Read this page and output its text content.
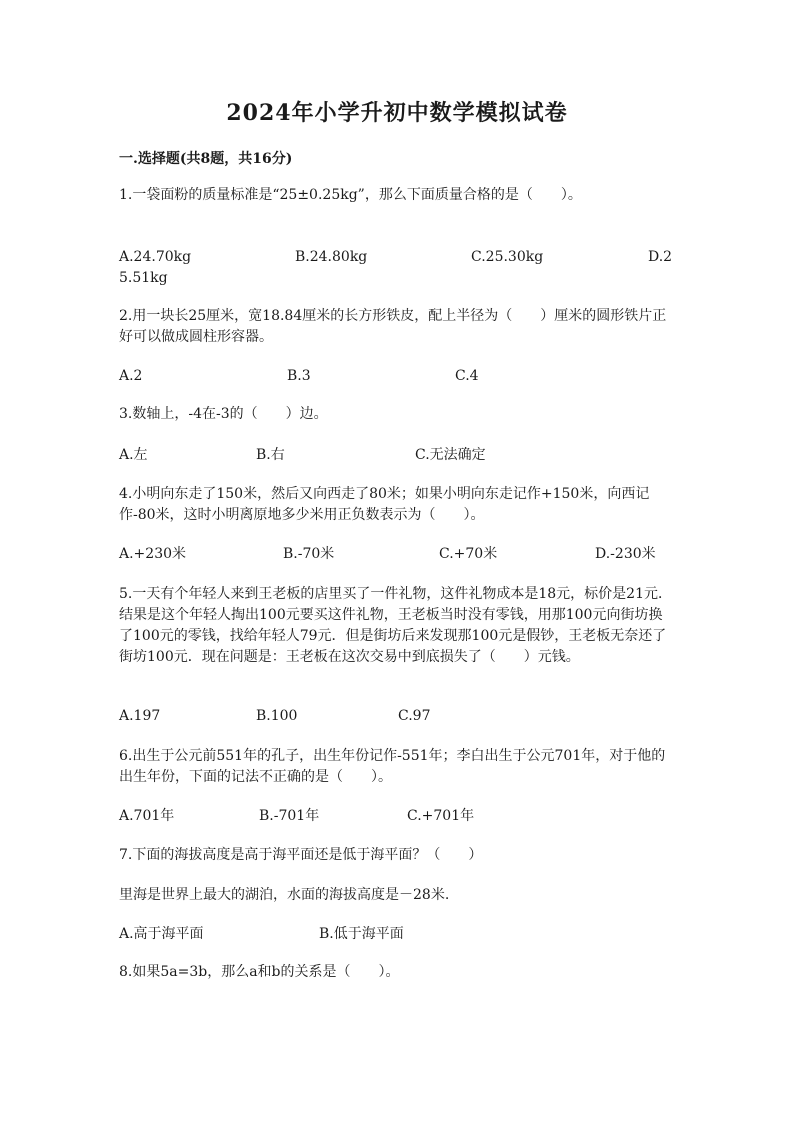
2024年小学升初中数学模拟试卷
一.选择题(共8题，共16分)
1.一袋面粉的质量标准是“25±0.25kg”，那么下面质量合格的是（　　）。
A.24.70kg	B.24.80kg	C.25.30kg	D.2
5.51kg
2.用一块长25厘米，宽18.84厘米的长方形铁皮，配上半径为（　　）厘米的圆形铁片正好可以做成圆柱形容器。
A.2	B.3	C.4
3.数轴上，-4在-3的（　　）边。
A.左	B.右	C.无法确定
4.小明向东走了150米，然后又向西走了80米；如果小明向东走记作+150米，向西记作-80米，这时小明离原地多少米用正负数表示为（　　）。
A.+230米	B.-70米	C.+70米	D.-230米
5.一天有个年轻人来到王老板的店里买了一件礼物，这件礼物成本是18元，标价是21元．结果是这个年轻人掏出100元要买这件礼物，王老板当时没有零钱，用那100元向街坊换了100元的零钱，找给年轻人79元．但是街坊后来发现那100元是假钞，王老板无奈还了街坊100元．现在问题是：王老板在这次交易中到底损失了（　　）元钱。
A.197	B.100	C.97
6.出生于公元前551年的孔子，出生年份记作-551年；李白出生于公元701年，对于他的出生年份，下面的记法不正确的是（　　）。
A.701年	B.-701年	C.+701年
7.下面的海拔高度是高于海平面还是低于海平面？（　　）
里海是世界上最大的湖泊，水面的海拔高度是－28米.
A.高于海平面	B.低于海平面
8.如果5a=3b，那么a和b的关系是（　　）。
